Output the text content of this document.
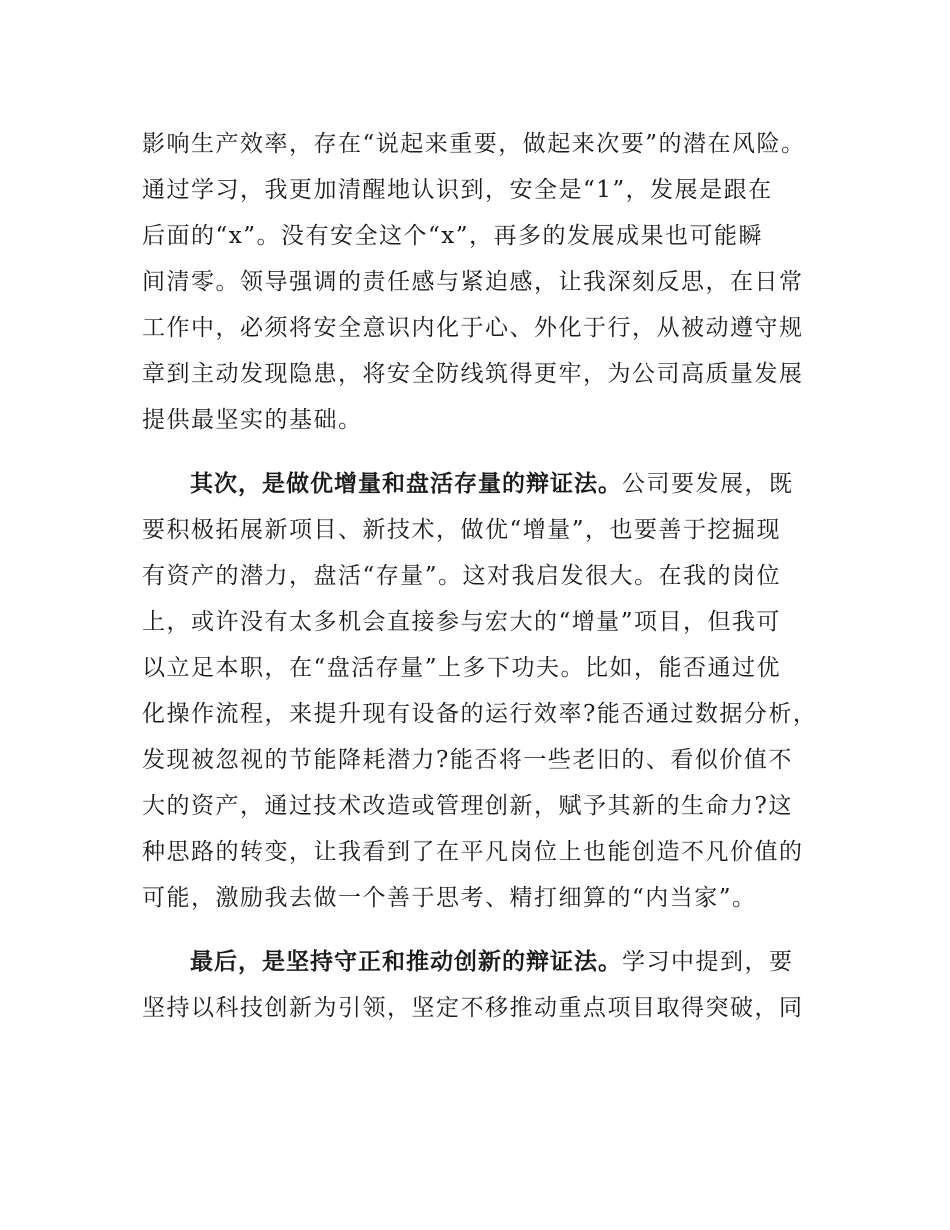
影响生产效率，存在“说起来重要，做起来次要”的潜在风险。
通过学习，我更加清醒地认识到，安全是“1”，发展是跟在
后面的“x”。没有安全这个“x”，再多的发展成果也可能瞬
间清零。领导强调的责任感与紧迫感，让我深刻反思，在日常
工作中，必须将安全意识内化于心、外化于行，从被动遵守规
章到主动发现隐患，将安全防线筑得更牢，为公司高质量发展
提供最坚实的基础。
其次，是做优增量和盘活存量的辩证法。公司要发展，既
要积极拓展新项目、新技术，做优“增量”，也要善于挖掘现
有资产的潜力，盘活“存量”。这对我启发很大。在我的岗位
上，或许没有太多机会直接参与宏大的“增量”项目，但我可
以立足本职，在“盘活存量”上多下功夫。比如，能否通过优
化操作流程，来提升现有设备的运行效率?能否通过数据分析，
发现被忽视的节能降耗潜力?能否将一些老旧的、看似价值不
大的资产，通过技术改造或管理创新，赋予其新的生命力?这
种思路的转变，让我看到了在平凡岗位上也能创造不凡价值的
可能，激励我去做一个善于思考、精打细算的“内当家”。
最后，是坚持守正和推动创新的辩证法。学习中提到，要
坚持以科技创新为引领，坚定不移推动重点项目取得突破，同
